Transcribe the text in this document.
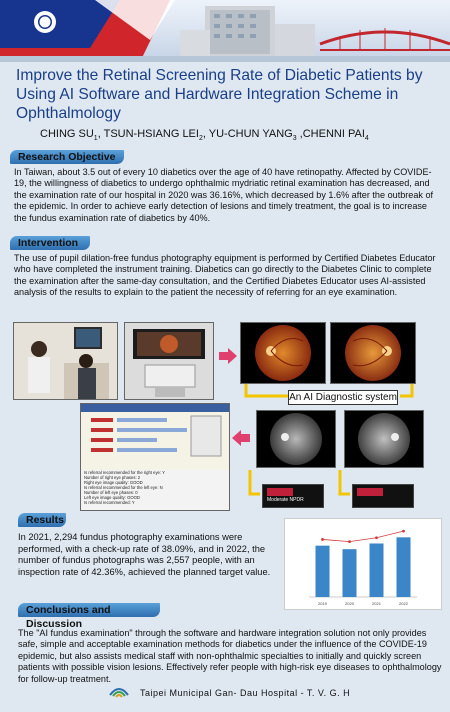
Improve the Retinal Screening Rate of Diabetic Patients by Using AI Software and Hardware Integration Scheme in Ophthalmology
CHING $SU_1$, TSUN-HSIANG $LEI_2$, YU-CHUN $YANG_3$ ,CHENNI $PAI_4$
Research Objective
In Taiwan, about 3.5 out of every 10 diabetics over the age of 40 have retinopathy. Affected by COVIDE-19, the willingness of diabetics to undergo ophthalmic mydriatic retinal examination has decreased, and the examination rate of our hospital in 2020 was 36.16%, which decreased by 1.6% after the outbreak of the epidemic. In order to achieve early detection of lesions and timely treatment, the goal is to increase the fundus examination rate of diabetics by 40%.
Intervention
The use of pupil dilation-free fundus photography equipment is performed by Certified Diabetes Educator who have completed the instrument training. Diabetics can go directly to the Diabetes Clinic to complete the examination after the same-day consultation, and the Certified Diabetes Educator uses AI-assisted analysis of the results to explain to the patient the necessity of referring for an eye examination.
An AI Diagnostic system
Is referral recommended for the right eye: Y
Number of right eye phases: 2
Right eye image quality: GOOD
Is referral recommended for the left eye: N
Number of left eye phases: 0
Left eye image quality: GOOD
Is referral recommended: Y	Moderate NPDR
Results
In 2021, 2,294 fundus photography examinations were performed, with a check-up rate of 38.09%, and in 2022, the number of fundus photographs was 2,557 people, with an inspection rate of 42.36%, achieved the planned target value.
2019	2020	2021	2022
Conclusions and Discussion
The "AI fundus examination" through the software and hardware integration solution not only provides safe, simple and acceptable examination methods for diabetics under the influence of the COVIDE-19 epidemic, but also assists medical staff with non-ophthalmic specialties to initially and quickly screen patients with possible vision lesions. Effectively refer people with high-risk eye diseases to ophthalmology for follow-up treatment.
Taipei Municipal Gan- Dau Hospital - T. V. G. H
